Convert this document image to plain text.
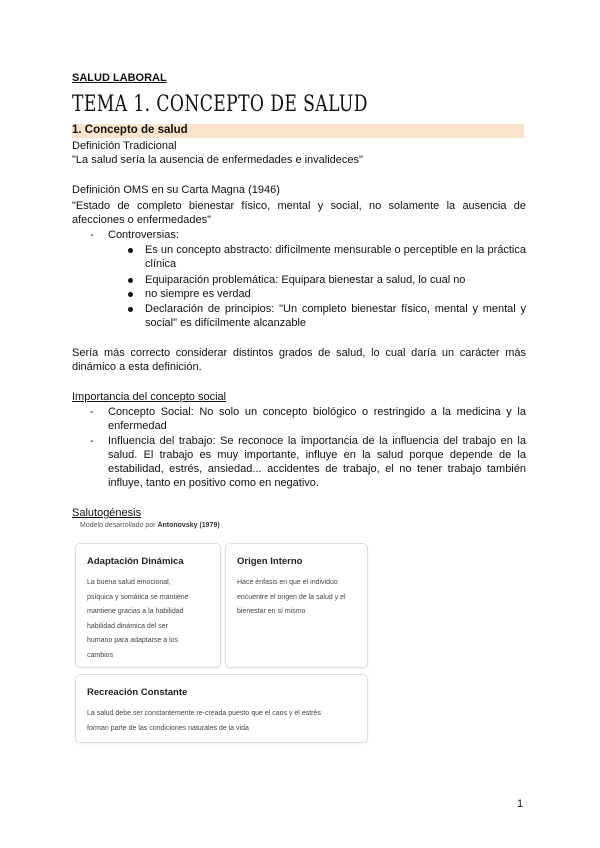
SALUD LABORAL
TEMA 1. CONCEPTO DE SALUD
1. Concepto de salud
Definición Tradicional
"La salud sería la ausencia de enfermedades e invalideces"
Definición OMS en su Carta Magna (1946)
"Estado de completo bienestar físico, mental y social, no solamente la ausencia de afecciones o enfermedades"
- Controversias:
Es un concepto abstracto: difícilmente mensurable o perceptible en la práctica clínica
Equiparación problemática: Equipara bienestar a salud, lo cual no
no siempre es verdad
Declaración de principios: "Un completo bienestar físico, mental y mental y social" es difícilmente alcanzable
Sería más correcto considerar distintos grados de salud, lo cual daría un carácter más dinámico a esta definición.
Importancia del concepto social
- Concepto Social: No solo un concepto biológico o restringido a la medicina y la enfermedad
- Influencia del trabajo: Se reconoce la importancia de la influencia del trabajo en la salud. El trabajo es muy importante, influye en la salud porque depende de la estabilidad, estrés, ansiedad... accidentes de trabajo, el no tener trabajo también influye, tanto en positivo como en negativo.
Salutogénesis
Modelo desarrollado por Antonovsky (1979)
Adaptación Dinámica
La buena salud emocional,
psíquica y somática se mantiene
mantiene gracias a la habilidad
habilidad dinámica del ser
humano para adaptarse a los
cambios
Origen Interno
Hace énfasis en que el individuo
encuentre el origen de la salud y el
bienestar en sí mismo
Recreación Constante
La salud debe ser constantemente re-creada puesto que el caos y el estrés
forman parte de las condiciones naturales de la vida
1
